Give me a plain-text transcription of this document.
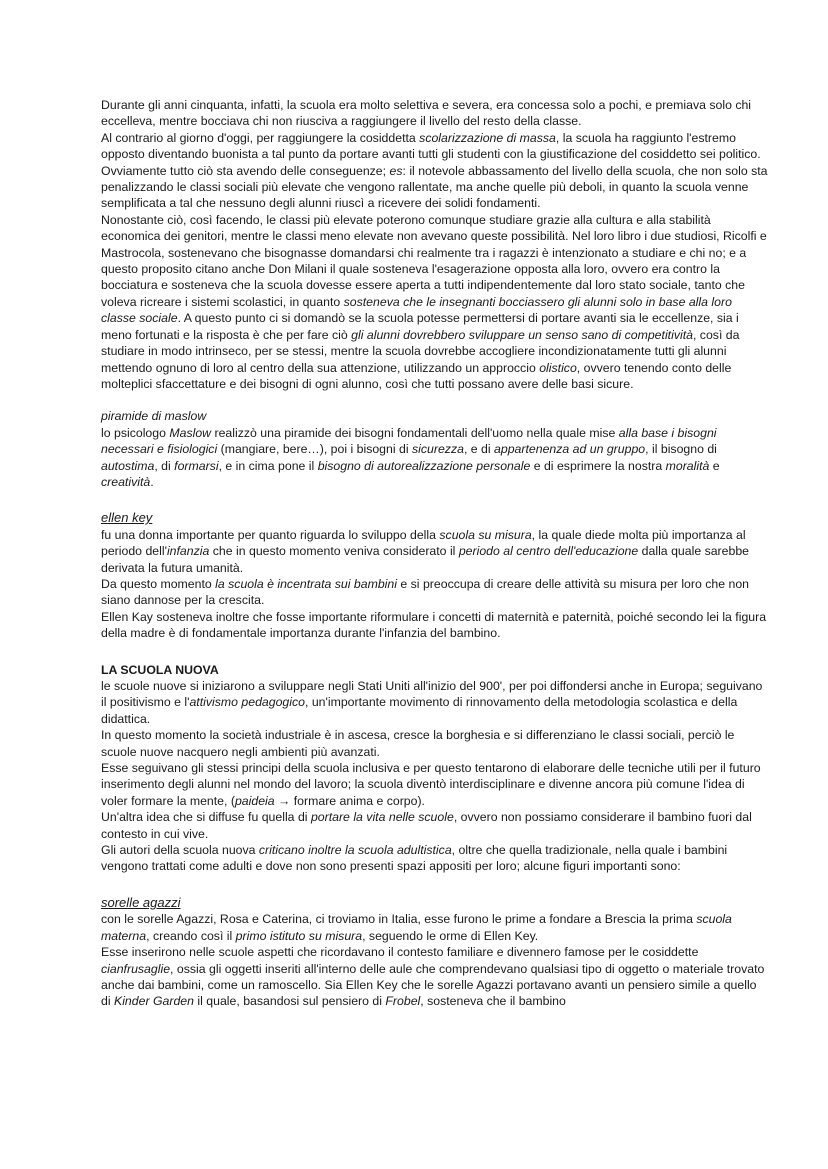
Durante gli anni cinquanta, infatti, la scuola era molto selettiva e severa, era concessa solo a pochi, e premiava solo chi eccelleva, mentre bocciava chi non riusciva a raggiungere il livello del resto della classe.

Al contrario al giorno d'oggi, per raggiungere la cosiddetta scolarizzazione di massa, la scuola ha raggiunto l'estremo opposto diventando buonista a tal punto da portare avanti tutti gli studenti con la giustificazione del cosiddetto sei politico. Ovviamente tutto ciò sta avendo delle conseguenze; es: il notevole abbassamento del livello della scuola, che non solo sta penalizzando le classi sociali più elevate che vengono rallentate, ma anche quelle più deboli, in quanto la scuola venne semplificata a tal che nessuno degli alunni riuscì a ricevere dei solidi fondamenti.

Nonostante ciò, così facendo, le classi più elevate poterono comunque studiare grazie alla cultura e alla stabilità economica dei genitori, mentre le classi meno elevate non avevano queste possibilità. Nel loro libro i due studiosi, Ricolfi e Mastrocola, sostenevano che bisognasse domandarsi chi realmente tra i ragazzi è intenzionato a studiare e chi no; e a questo proposito citano anche Don Milani il quale sosteneva l'esagerazione opposta alla loro, ovvero era contro la bocciatura e sosteneva che la scuola dovesse essere aperta a tutti indipendentemente dal loro stato sociale, tanto che voleva ricreare i sistemi scolastici, in quanto sosteneva che le insegnanti bocciassero gli alunni solo in base alla loro classe sociale. A questo punto ci si domandò se la scuola potesse permettersi di portare avanti sia le eccellenze, sia i meno fortunati e la risposta è che per fare ciò gli alunni dovrebbero sviluppare un senso sano di competitività, così da studiare in modo intrinseco, per se stessi, mentre la scuola dovrebbe accogliere incondizionatamente tutti gli alunni mettendo ognuno di loro al centro della sua attenzione, utilizzando un approccio olistico, ovvero tenendo conto delle molteplici sfaccettature e dei bisogni di ogni alunno, così che tutti possano avere delle basi sicure.

piramide di maslow

lo psicologo Maslow realizzò una piramide dei bisogni fondamentali dell'uomo nella quale mise alla base i bisogni necessari e fisiologici (mangiare, bere…), poi i bisogni di sicurezza, e di appartenenza ad un gruppo, il bisogno di autostima, di formarsi, e in cima pone il bisogno di autorealizzazione personale e di esprimere la nostra moralità e creatività.

ellen key

fu una donna importante per quanto riguarda lo sviluppo della scuola su misura, la quale diede molta più importanza al periodo dell'infanzia che in questo momento veniva considerato il periodo al centro dell'educazione dalla quale sarebbe derivata la futura umanità.

Da questo momento la scuola è incentrata sui bambini e si preoccupa di creare delle attività su misura per loro che non siano dannose per la crescita.

Ellen Kay sosteneva inoltre che fosse importante riformulare i concetti di maternità e paternità, poiché secondo lei la figura della madre è di fondamentale importanza durante l'infanzia del bambino.

LA SCUOLA NUOVA

le scuole nuove si iniziarono a sviluppare negli Stati Uniti all'inizio del 900', per poi diffondersi anche in Europa; seguivano il positivismo e l'attivismo pedagogico, un'importante movimento di rinnovamento della metodologia scolastica e della didattica.

In questo momento la società industriale è in ascesa, cresce la borghesia e si differenziano le classi sociali, perciò le scuole nuove nacquero negli ambienti più avanzati.

Esse seguivano gli stessi principi della scuola inclusiva e per questo tentarono di elaborare delle tecniche utili per il futuro inserimento degli alunni nel mondo del lavoro; la scuola diventò interdisciplinare e divenne ancora più comune l'idea di voler formare la mente, (paideia → formare anima e corpo).

Un'altra idea che si diffuse fu quella di portare la vita nelle scuole, ovvero non possiamo considerare il bambino fuori dal contesto in cui vive.

Gli autori della scuola nuova criticano inoltre la scuola adultistica, oltre che quella tradizionale, nella quale i bambini vengono trattati come adulti e dove non sono presenti spazi appositi per loro; alcune figuri importanti sono:

sorelle agazzi

con le sorelle Agazzi, Rosa e Caterina, ci troviamo in Italia, esse furono le prime a fondare a Brescia la prima scuola materna, creando così il primo istituto su misura, seguendo le orme di Ellen Key.

Esse inserirono nelle scuole aspetti che ricordavano il contesto familiare e divennero famose per le cosiddette cianfrusaglie, ossia gli oggetti inseriti all'interno delle aule che comprendevano qualsiasi tipo di oggetto o materiale trovato anche dai bambini, come un ramoscello. Sia Ellen Key che le sorelle Agazzi portavano avanti un pensiero simile a quello di Kinder Garden il quale, basandosi sul pensiero di Frobel, sosteneva che il bambino
